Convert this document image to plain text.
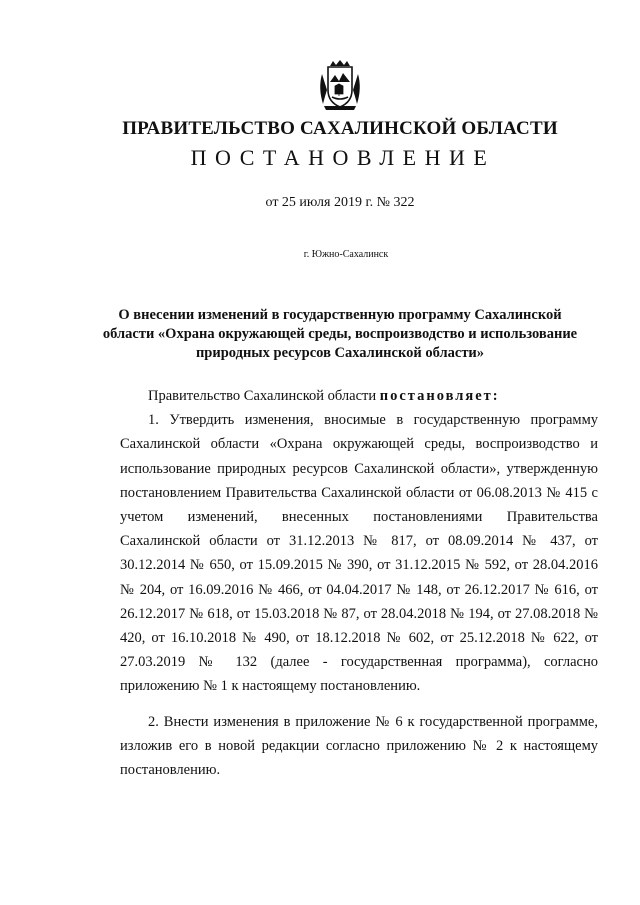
ПРАВИТЕЛЬСТВО САХАЛИНСКОЙ ОБЛАСТИ
ПОСТАНОВЛЕНИЕ
от 25 июля 2019 г. № 322
г. Южно-Сахалинск
О внесении изменений в государственную программу Сахалинской области «Охрана окружающей среды, воспроизводство и использование природных ресурсов Сахалинской области»

Правительство Сахалинской области постановляет:

1. Утвердить изменения, вносимые в государственную программу Сахалинской области «Охрана окружающей среды, воспроизводство и использование природных ресурсов Сахалинской области», утвержденную постановлением Правительства Сахалинской области от 06.08.2013 № 415 с учетом изменений, внесенных постановлениями Правительства Сахалинской области от 31.12.2013 № 817, от 08.09.2014 № 437, от 30.12.2014 № 650, от 15.09.2015 № 390, от 31.12.2015 № 592, от 28.04.2016 № 204, от 16.09.2016 № 466, от 04.04.2017 № 148, от 26.12.2017 № 616, от 26.12.2017 № 618, от 15.03.2018 № 87, от 28.04.2018 № 194, от 27.08.2018 № 420, от 16.10.2018 № 490, от 18.12.2018 № 602, от 25.12.2018 № 622, от 27.03.2019 № 132 (далее - государственная программа), согласно приложению № 1 к настоящему постановлению.

2. Внести изменения в приложение № 6 к государственной программе, изложив его в новой редакции согласно приложению № 2 к настоящему постановлению.
